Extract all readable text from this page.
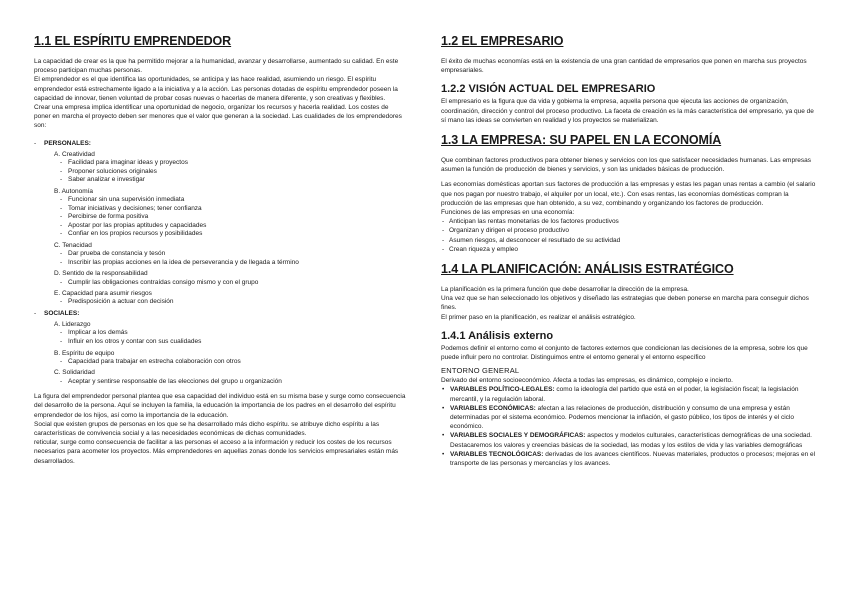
1.1 EL ESPÍRITU EMPRENDEDOR

La capacidad de crear es la que ha permitido mejorar a la humanidad, avanzar y desarrollarse, aumentado su calidad. En este proceso participan muchas personas.

El emprendedor es el que identifica las oportunidades, se anticipa y las hace realidad, asumiendo un riesgo. El espíritu emprendedor está estrechamente ligado a la iniciativa y a la acción. Las personas dotadas de espíritu emprendedor poseen la capacidad de innovar, tienen voluntad de probar cosas nuevas o hacerlas de manera diferente, y son creativas y flexibles.

Crear una empresa implica identificar una oportunidad de negocio, organizar los recursos y hacerla realidad. Los costes de poner en marcha el proyecto deben ser menores que el valor que generan a la sociedad. Las cualidades de los emprendedores son:

- PERSONALES:
A. Creatividad
- Facilidad para imaginar ideas y proyectos
- Proponer soluciones originales
- Saber analizar e investigar
B. Autonomía
- Funcionar sin una supervisión inmediata
- Tomar iniciativas y decisiones; tener confianza
- Percibirse de forma positiva
- Apostar por las propias aptitudes y capacidades
- Confiar en los propios recursos y posibilidades
C. Tenacidad
- Dar prueba de constancia y tesón
- Inscribir las propias acciones en la idea de perseverancia y de llegada a término
D. Sentido de la responsabilidad
- Cumplir las obligaciones contraídas consigo mismo y con el grupo
E. Capacidad para asumir riesgos
- Predisposición a actuar con decisión
- SOCIALES:
A. Liderazgo
- Implicar a los demás
- Influir en los otros y contar con sus cualidades
B. Espíritu de equipo
- Capacidad para trabajar en estrecha colaboración con otros
C. Solidaridad
- Aceptar y sentirse responsable de las elecciones del grupo u organización

La figura del emprendedor personal plantea que esa capacidad del individuo está en su misma base y surge como consecuencia del desarrollo de la persona. Aquí se incluyen la familia, la educación la importancia de los padres en el desarrollo del espíritu emprendedor de los hijos, así como la importancia de la educación.

Social que existen grupos de personas en los que se ha desarrollado más dicho espíritu. se atribuye dicho espíritu a las características de convivencia social y a las necesidades económicas de dichas comunidades.

reticular, surge como consecuencia de facilitar a las personas el acceso a la información y reducir los costes de los recursos necesarios para acometer los proyectos. Más emprendedores en aquellas zonas donde los servicios empresariales están más desarrollados.

1.2 EL EMPRESARIO

El éxito de muchas economías está en la existencia de una gran cantidad de empresarios que ponen en marcha sus proyectos empresariales.

1.2.2 VISIÓN ACTUAL DEL EMPRESARIO

El empresario es la figura que da vida y gobierna la empresa, aquella persona que ejecuta las acciones de organización, coordinación, dirección y control del proceso productivo. La faceta de creación es la más característica del empresario, ya que de sí mano las ideas se convierten en realidad y los proyectos se materializan.

1.3 LA EMPRESA: SU PAPEL EN LA ECONOMÍA

Que combinan factores productivos para obtener bienes y servicios con los que satisfacer necesidades humanas. Las empresas asumen la función de producción de bienes y servicios, y son las unidades básicas de producción.

Las economías domésticas aportan sus factores de producción a las empresas y estas les pagan unas rentas a cambio (el salario que nos pagan por nuestro trabajo, el alquiler por un local, etc.). Con esas rentas, las economías domésticas compran la producción de las empresas que han obtenido, a su vez, combinando y organizando los factores de producción.

Funciones de las empresas en una economía:

- Anticipan las rentas monetarias de los factores productivos
- Organizan y dirigen el proceso productivo
- Asumen riesgos, al desconocer el resultado de su actividad
- Crean riqueza y empleo
1.4 LA PLANIFICACIÓN: ANÁLISIS ESTRATÉGICO

La planificación es la primera función que debe desarrollar la dirección de la empresa.

Una vez que se han seleccionado los objetivos y diseñado las estrategias que deben ponerse en marcha para conseguir dichos fines.

El primer paso en la planificación, es realizar el análisis estratégico.

1.4.1 Análisis externo

Podemos definir el entorno como el conjunto de factores externos que condicionan las decisiones de la empresa, sobre los que puede influir pero no controlar. Distinguimos entre el entorno general y el entorno específico

ENTORNO GENERAL

Derivado del entorno socioeconómico. Afecta a todas las empresas, es dinámico, complejo e incierto.

• VARIABLES POLÍTICO-LEGALES: como la ideología del partido que está en el poder, la legislación fiscal; la legislación mercantil, y la regulación laboral.
• VARIABLES ECONÓMICAS: afectan a las relaciones de producción, distribución y consumo de una empresa y están determinadas por el sistema económico. Podemos mencionar la inflación, el gasto público, los tipos de interés y el ciclo económico.
• VARIABLES SOCIALES Y DEMOGRÁFICAS: aspectos y modelos culturales, características demográficas de una sociedad. Destacaremos los valores y creencias básicas de la sociedad, las modas y los estilos de vida y las variables demográficas
• VARIABLES TECNOLÓGICAS: derivadas de los avances científicos. Nuevas materiales, productos o procesos; mejoras en el transporte de las personas y mercancías y los avances.
